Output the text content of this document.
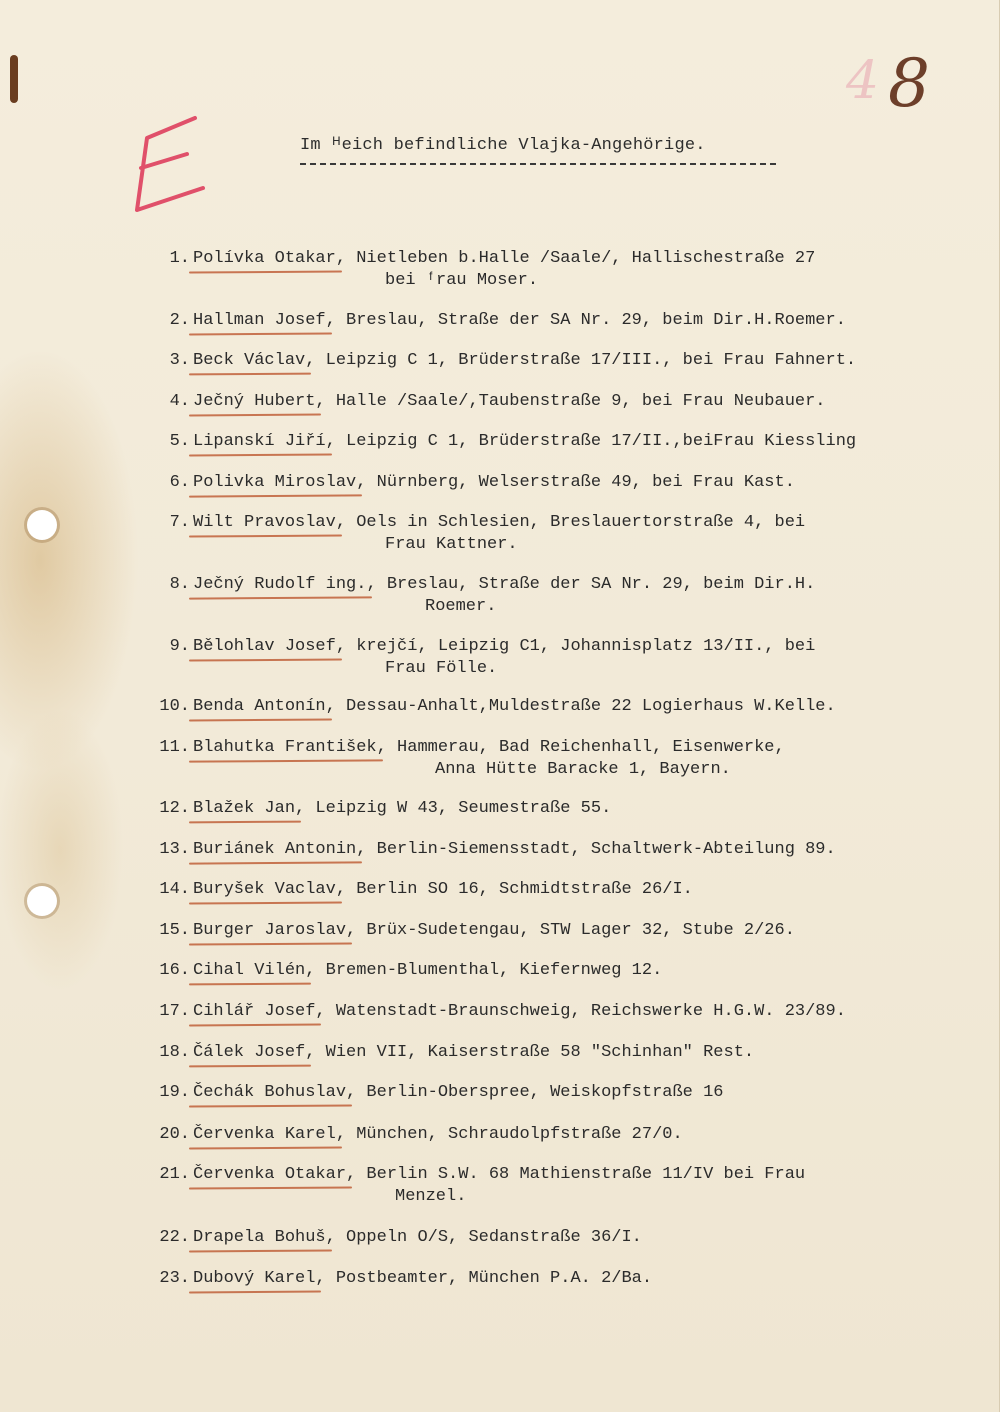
4 8
Im ᴴeich befindliche Vlajka-Angehörige.
1. Polívka Otakar, Nietleben b.Halle /Saale/, Hallischestraße 27
bei ᶠrau Moser.
2. Hallman Josef, Breslau, Straße der SA Nr. 29, beim Dir.H.Roemer.
3. Beck Václav, Leipzig C 1, Brüderstraße 17/III., bei Frau Fahnert.
4. Ječný Hubert, Halle /Saale/,Taubenstraße 9, bei Frau Neubauer.
5. Lipanskí Jiří, Leipzig C 1, Brüderstraße 17/II.,beiFrau Kiessling
6. Polivka Miroslav, Nürnberg, Welserstraße 49, bei Frau Kast.
7. Wilt Pravoslav, Oels in Schlesien, Breslauertorstraße 4, bei
Frau Kattner.
8. Ječný Rudolf ing., Breslau, Straße der SA Nr. 29, beim Dir.H.
Roemer.
9. Bělohlav Josef, krejčí, Leipzig C1, Johannisplatz 13/II., bei
Frau Fölle.
10. Benda Antonín, Dessau-Anhalt,Muldestraße 22 Logierhaus W.Kelle.
11. Blahutka František, Hammerau, Bad Reichenhall, Eisenwerke,
Anna Hütte Baracke 1, Bayern.
12. Blažek Jan, Leipzig W 43, Seumestraße 55.
13. Buriánek Antonin, Berlin-Siemensstadt, Schaltwerk-Abteilung 89.
14. Buryšek Vaclav, Berlin SO 16, Schmidtstraße 26/I.
15. Burger Jaroslav, Brüx-Sudetengau, STW Lager 32, Stube 2/26.
16. Cihal Vilén, Bremen-Blumenthal, Kiefernweg 12.
17. Cihlář Josef, Watenstadt-Braunschweig, Reichswerke H.G.W. 23/89.
18. Čálek Josef, Wien VII, Kaiserstraße 58 "Schinhan" Rest.
19. Čechák Bohuslav, Berlin-Oberspree, Weiskopfstraße 16
20. Červenka Karel, München, Schraudolpfstraße 27/0.
21. Červenka Otakar, Berlin S.W. 68 Mathienstraße 11/IV bei Frau
Menzel.
22. Drapela Bohuš, Oppeln O/S, Sedanstraße 36/I.
23. Dubový Karel, Postbeamter, München P.A. 2/Ba.
